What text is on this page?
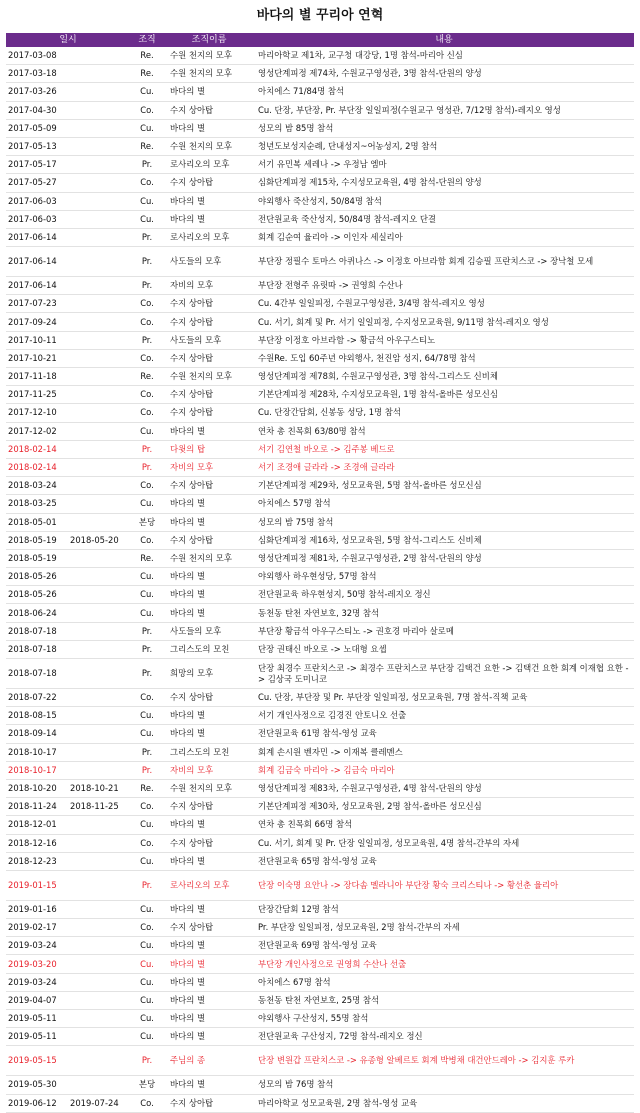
바다의 별 꾸리아 연혁
일시		조직	조직이름	내용
2017-03-08		Re.	수원 천지의 모후	마리아학교 제1차, 교구청 대강당, 1명 참석-마리아 신심
2017-03-18		Re.	수원 천지의 모후	영성단계피정 제74차, 수원교구영성관, 3명 참석-단원의 양성
2017-03-26		Cu.	바다의 별	아치에스 71/84명 참석
2017-04-30		Co.	수지 상아탑	Cu. 단장, 부단장, Pr. 부단장 일일피정(수원교구 영성관, 7/12명 참석)-레지오 영성
2017-05-09		Cu.	바다의 별	성모의 밤 85명 참석
2017-05-13		Re.	수원 천지의 모후	청년도보성지순례, 단내성지~어농성지, 2명 참석
2017-05-17		Pr.	로사리오의 모후	서기 유민복 세레나 -> 우정남 엠마
2017-05-27		Co.	수지 상아탑	심화단계피정 제15차, 수지성모교육원, 4명 참석-단원의 양성
2017-06-03		Cu.	바다의 별	야외행사 죽산성지, 50/84명 참석
2017-06-03		Cu.	바다의 별	전단원교육 죽산성지, 50/84명 참석-레지오 단결
2017-06-14		Pr.	로사리오의 모후	회계 김순여 율리아 -> 이인자 세실리아
2017-06-14		Pr.	사도들의 모후	부단장 정필수 토마스 아퀴나스 -> 이정호 아브라함 회계 김승필 프란치스코 -> 장낙철 모세
2017-06-14		Pr.	자비의 모후	부단장 전형주 유릿따 -> 권영희 수산나
2017-07-23		Co.	수지 상아탑	Cu. 4간부 일일피정, 수원교구영성관, 3/4명 참석-레지오 영성
2017-09-24		Co.	수지 상아탑	Cu. 서기, 회계 및 Pr. 서기 일일피정, 수지성모교육원, 9/11명 참석-레지오 영성
2017-10-11		Pr.	사도들의 모후	부단장 이정호 아브라함 -> 황금석 아우구스티노
2017-10-21		Co.	수지 상아탑	수원Re. 도입 60주년 야외행사, 천진암 성지, 64/78명 참석
2017-11-18		Re.	수원 천지의 모후	영성단계피정 제78회, 수원교구영성관, 3명 참석-그리스도 신비체
2017-11-25		Co.	수지 상아탑	기본단계피정 제28차, 수지성모교육원, 1명 참석-올바른 성모신심
2017-12-10		Co.	수지 상아탑	Cu. 단장간담회, 신봉동 성당, 1명 참석
2017-12-02		Cu.	바다의 별	연차 총 친목회 63/80명 참석
2018-02-14		Pr.	다윗의 탑	서기 김연철 바오로 -> 김주봉 베드로
2018-02-14		Pr.	자비의 모후	서기 조경애 글라라 -> 조경애 글라라
2018-03-24		Co.	수지 상아탑	기본단계피정 제29차, 성모교육원, 5명 참석-올바른 성모신심
2018-03-25		Cu.	바다의 별	아치에스 57명 참석
2018-05-01		본당	바다의 별	성모의 밤 75명 참석
2018-05-19	2018-05-20	Co.	수지 상아탑	심화단계피정 제16차, 성모교육원, 5명 참석-그리스도 신비체
2018-05-19		Re.	수원 천지의 모후	영성단계피정 제81차, 수원교구영성관, 2명 참석-단원의 양성
2018-05-26		Cu.	바다의 별	야외행사 하우현성당, 57명 참석
2018-05-26		Cu.	바다의 별	전단원교육 하우현성지, 50명 참석-레지오 정신
2018-06-24		Cu.	바다의 별	동천동 탄천 자연보호, 32명 참석
2018-07-18		Pr.	사도들의 모후	부단장 황금석 아우구스티노 -> 권호경 마리아 살로메
2018-07-18		Pr.	그리스도의 모친	단장 권태신 바오로 -> 노대형 요셉
2018-07-18		Pr.	희망의 모후	단장 최경수 프란치스코 -> 최경수 프란치스코 부단장 김택건 요한 -> 김택건 요한 회계 이재협 요한 -> 김상국 도미니코
2018-07-22		Co.	수지 상아탑	Cu. 단장, 부단장 및 Pr. 부단장 일일피정, 성모교육원, 7명 참석-직책 교육
2018-08-15		Cu.	바다의 별	서기 개인사정으로 김경진 안토니오 선출
2018-09-14		Cu.	바다의 별	전단원교육 61명 참석-영성 교육
2018-10-17		Pr.	그리스도의 모친	회계 손시원 벤자민 -> 이재복 클레멘스
2018-10-17		Pr.	자비의 모후	회계 김금숙 마리아 -> 김금숙 마리아
2018-10-20	2018-10-21	Re.	수원 천지의 모후	영성단계피정 제83차, 수원교구영성관, 4명 참석-단원의 양성
2018-11-24	2018-11-25	Co.	수지 상아탑	기본단계피정 제30차, 성모교육원, 2명 참석-올바른 성모신심
2018-12-01		Cu.	바다의 별	연차 총 친목회 66명 참석
2018-12-16		Co.	수지 상아탑	Cu. 서기, 회계 및 Pr. 단장 일일피정, 성모교육원, 4명 참석-간부의 자세
2018-12-23		Cu.	바다의 별	전단원교육 65명 참석-영성 교육
2019-01-15		Pr.	로사리오의 모후	단장 이숙명 요안나 -> 장다솜 멜라니아 부단장 황숙 크리스티나 -> 황선춘 율리아
2019-01-16		Cu.	바다의 별	단장간담회 12명 참석
2019-02-17		Co.	수지 상아탑	Pr. 부단장 일일피정, 성모교육원, 2명 참석-간부의 자세
2019-03-24		Cu.	바다의 별	전단원교육 69명 참석-영성 교육
2019-03-20		Cu.	바다의 별	부단장 개인사정으로 권영희 수산나 선출
2019-03-24		Cu.	바다의 별	아치에스 67명 참석
2019-04-07		Cu.	바다의 별	동천동 탄천 자연보호, 25명 참석
2019-05-11		Cu.	바다의 별	야외행사 구산성지, 55명 참석
2019-05-11		Cu.	바다의 별	전단원교육 구산성지, 72명 참석-레지오 정신
2019-05-15		Pr.	주님의 종	단장 변원갑 프란치스코 -> 유종형 알베르토 회계 박병채 대건안드레아 -> 김지훈 루카
2019-05-30		본당	바다의 별	성모의 밤 76명 참석
2019-06-12	2019-07-24	Co.	수지 상아탑	마리아학교 성모교육원, 2명 참석-영성 교육
